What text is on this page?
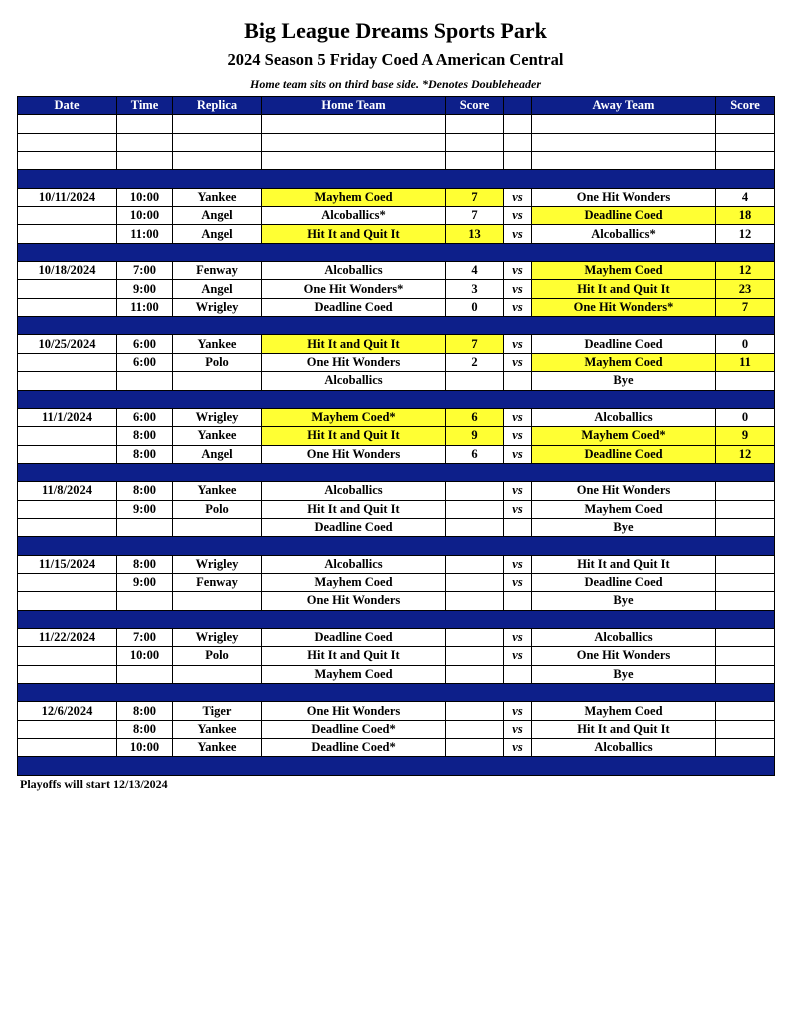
Big League Dreams Sports Park
2024 Season 5 Friday Coed A American Central
Home team sits on third base side. *Denotes Doubleheader
Date	Time	Replica	Home Team	Score		Away Team	Score

10/11/2024	10:00	Yankee	Mayhem Coed	7	vs	One Hit Wonders	4
	10:00	Angel	Alcoballics*	7	vs	Deadline Coed	18
	11:00	Angel	Hit It and Quit It	13	vs	Alcoballics*	12

10/18/2024	7:00	Fenway	Alcoballics	4	vs	Mayhem Coed	12
	9:00	Angel	One Hit Wonders*	3	vs	Hit It and Quit It	23
	11:00	Wrigley	Deadline Coed	0	vs	One Hit Wonders*	7

10/25/2024	6:00	Yankee	Hit It and Quit It	7	vs	Deadline Coed	0
	6:00	Polo	One Hit Wonders	2	vs	Mayhem Coed	11
			Alcoballics			Bye	

11/1/2024	6:00	Wrigley	Mayhem Coed*	6	vs	Alcoballics	0
	8:00	Yankee	Hit It and Quit It	9	vs	Mayhem Coed*	9
	8:00	Angel	One Hit Wonders	6	vs	Deadline Coed	12

11/8/2024	8:00	Yankee	Alcoballics		vs	One Hit Wonders	
	9:00	Polo	Hit It and Quit It		vs	Mayhem Coed	
			Deadline Coed			Bye	

11/15/2024	8:00	Wrigley	Alcoballics		vs	Hit It and Quit It	
	9:00	Fenway	Mayhem Coed		vs	Deadline Coed	
			One Hit Wonders			Bye	

11/22/2024	7:00	Wrigley	Deadline Coed		vs	Alcoballics	
	10:00	Polo	Hit It and Quit It		vs	One Hit Wonders	
			Mayhem Coed			Bye	

12/6/2024	8:00	Tiger	One Hit Wonders		vs	Mayhem Coed	
	8:00	Yankee	Deadline Coed*		vs	Hit It and Quit It	
	10:00	Yankee	Deadline Coed*		vs	Alcoballics	

Playoffs will start 12/13/2024
